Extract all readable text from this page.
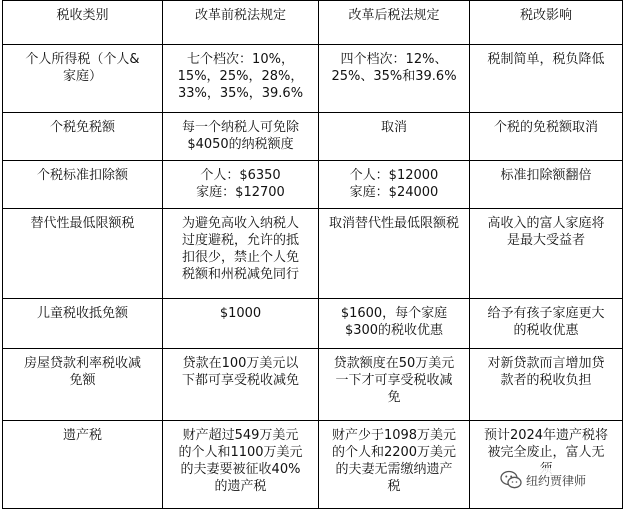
税收类别	改革前税法规定	改革后税法规定	税改影响

个人所得税（个人&
家庭）	七个档次：10%，
15%，25%，28%，
33%，35%，39.6%	四个档次：12%、
25%、35%和39.6%	税制简单，税负降低

个税免税额	每一个纳税人可免除
$4050的纳税额度	取消	个税的免税额取消

个税标准扣除额	个人：$6350
家庭：$12700	个人：$12000
家庭：$24000	标准扣除额翻倍

替代性最低限额税	为避免高收入纳税人
过度避税，允许的抵
扣很少，禁止个人免
税额和州税减免同行	取消替代性最低限额税	高收入的富人家庭将
是最大受益者

儿童税收抵免额	$1000	$1600，每个家庭
$300的税收优惠	给予有孩子家庭更大
的税收优惠

房屋贷款利率税收减
免额	贷款在100万美元以
下都可享受税收减免	贷款额度在50万美元
一下才可享受税收减
免	对新贷款而言增加贷
款者的税收负担

遗产税	财产超过549万美元
的个人和1100万美元
的夫妻要被征收40%
的遗产税	财产少于1098万美元
的个人和2200万美元
的夫妻无需缴纳遗产
税	预计2024年遗产税将
被完全废止，富人无
纽约贾律师
